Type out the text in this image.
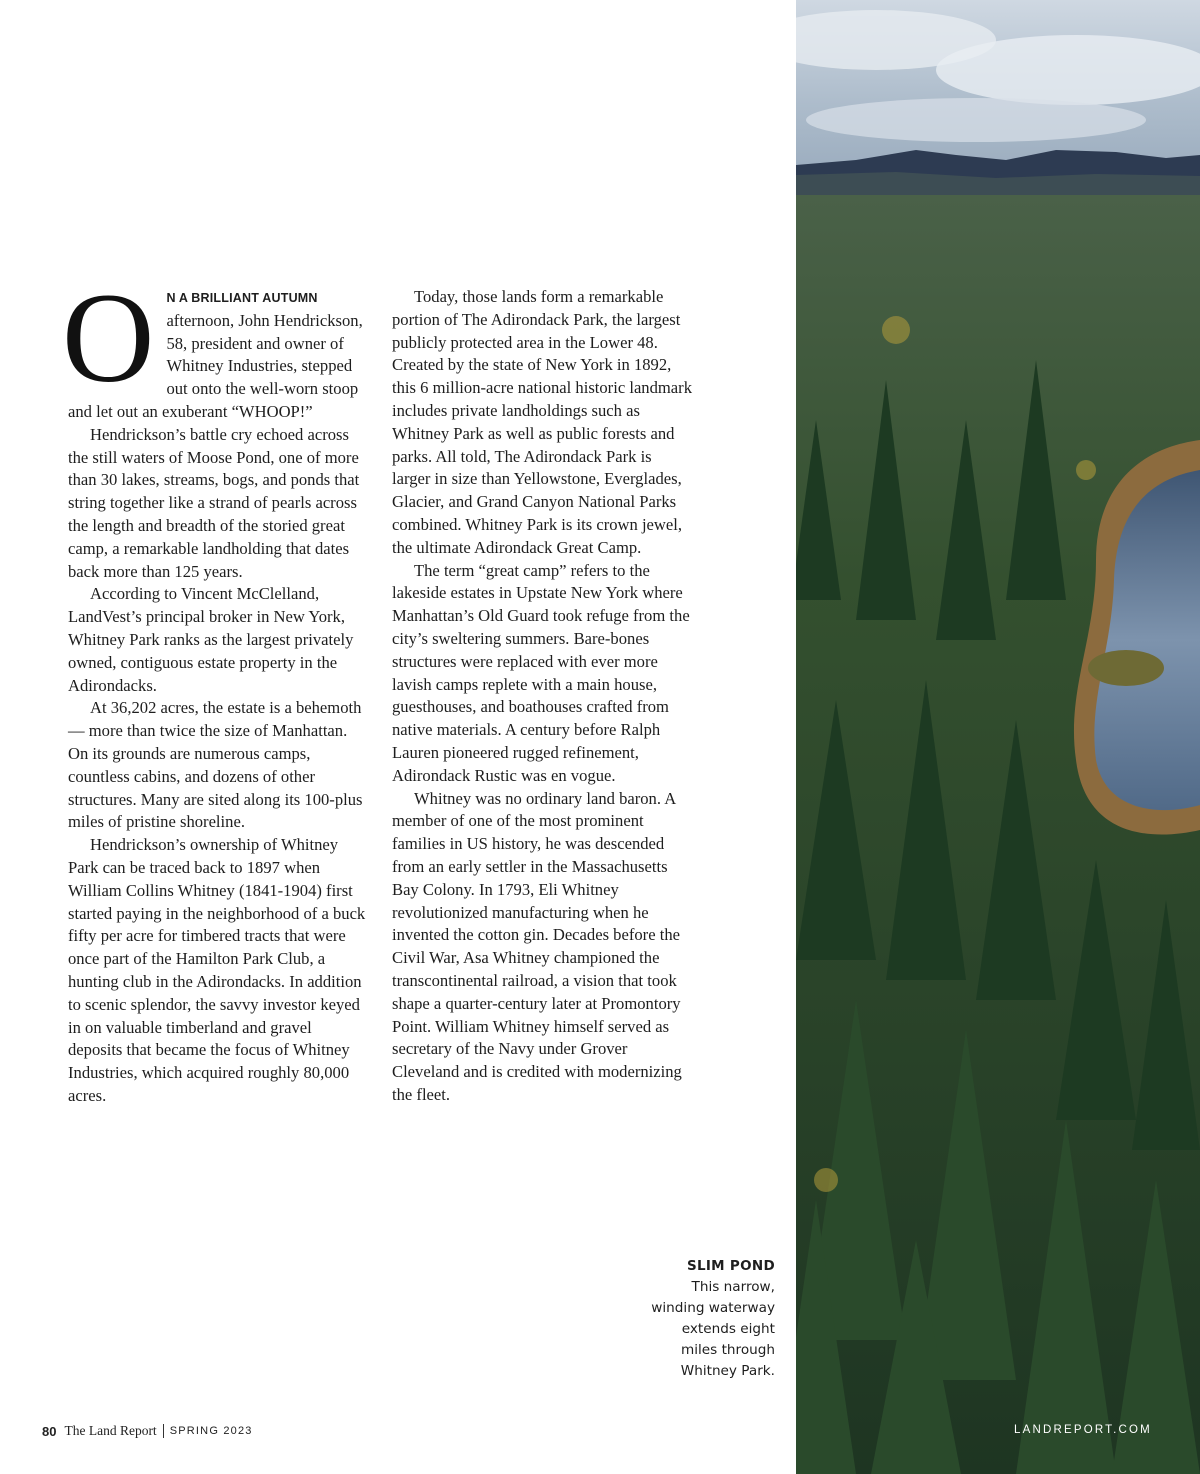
O N A BRILLIANT AUTUMN afternoon, John Hendrickson, 58, president and owner of Whitney Industries, stepped out onto the well-worn stoop and let out an exuberant “WHOOP!”

Hendrickson’s battle cry echoed across the still waters of Moose Pond, one of more than 30 lakes, streams, bogs, and ponds that string together like a strand of pearls across the length and breadth of the storied great camp, a remarkable landholding that dates back more than 125 years.

According to Vincent McClelland, LandVest’s principal broker in New York, Whitney Park ranks as the largest privately owned, contiguous estate property in the Adirondacks.

At 36,202 acres, the estate is a behemoth — more than twice the size of Manhattan. On its grounds are numerous camps, countless cabins, and dozens of other structures. Many are sited along its 100-plus miles of pristine shoreline.

Hendrickson’s ownership of Whitney Park can be traced back to 1897 when William Collins Whitney (1841-1904) first started paying in the neighborhood of a buck fifty per acre for timbered tracts that were once part of the Hamilton Park Club, a hunting club in the Adirondacks. In addition to scenic splendor, the savvy investor keyed in on valuable timberland and gravel deposits that became the focus of Whitney Industries, which acquired roughly 80,000 acres.

Today, those lands form a remarkable portion of The Adirondack Park, the largest publicly protected area in the Lower 48. Created by the state of New York in 1892, this 6 million-acre national historic landmark includes private landholdings such as Whitney Park as well as public forests and parks. All told, The Adirondack Park is larger in size than Yellowstone, Everglades, Glacier, and Grand Canyon National Parks combined. Whitney Park is its crown jewel, the ultimate Adirondack Great Camp.

The term “great camp” refers to the lakeside estates in Upstate New York where Manhattan’s Old Guard took refuge from the city’s sweltering summers. Bare-bones structures were replaced with ever more lavish camps replete with a main house, guesthouses, and boathouses crafted from native materials. A century before Ralph Lauren pioneered rugged refinement, Adirondack Rustic was en vogue.

Whitney was no ordinary land baron. A member of one of the most prominent families in US history, he was descended from an early settler in the Massachusetts Bay Colony. In 1793, Eli Whitney revolutionized manufacturing when he invented the cotton gin. Decades before the Civil War, Asa Whitney championed the transcontinental railroad, a vision that took shape a quarter-century later at Promontory Point. William Whitney himself served as secretary of the Navy under Grover Cleveland and is credited with modernizing the fleet.

SLIM POND
This narrow,
winding waterway
extends eight
miles through
Whitney Park.
80 The Land Report SPRING 2023	LANDREPORT.COM
